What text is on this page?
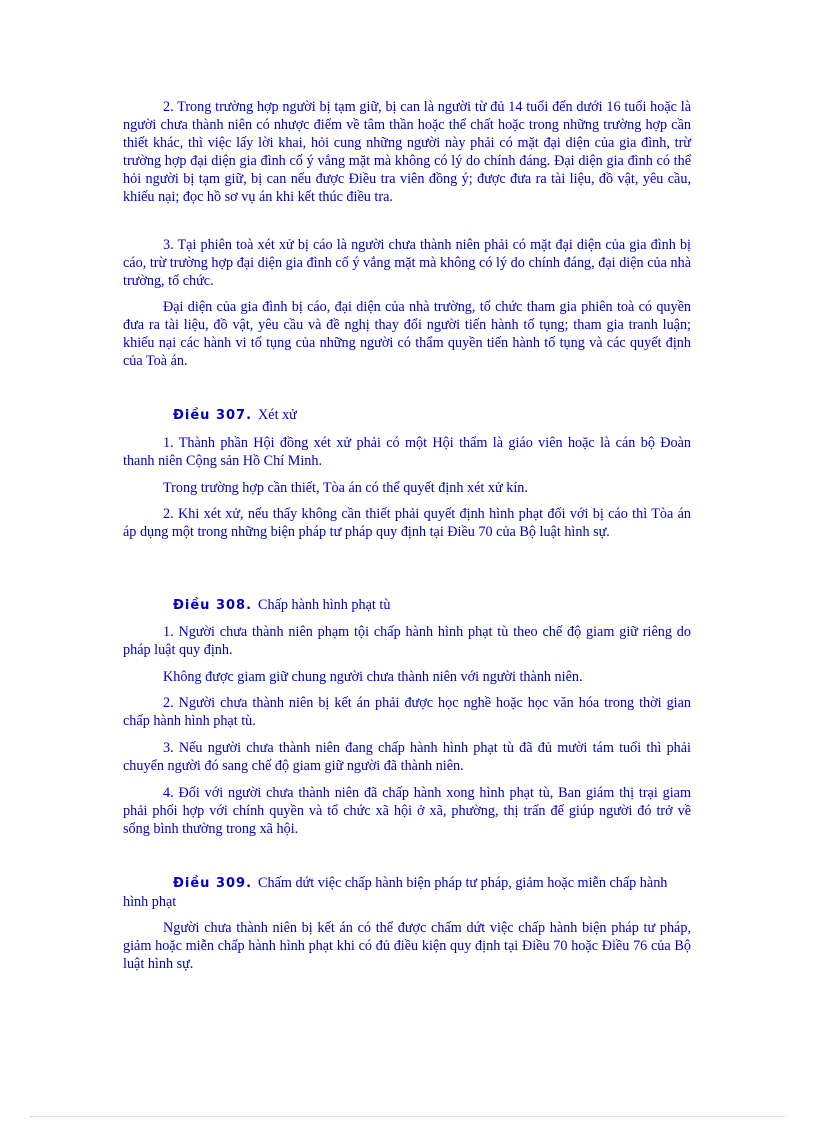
2. Trong trường hợp người bị tạm giữ, bị can là người từ đủ 14 tuổi đến dưới 16 tuổi hoặc là người chưa thành niên có nhược điểm về tâm thần hoặc thể chất hoặc trong những trường hợp cần thiết khác, thì việc lấy lời khai, hỏi cung những người này phải có mặt đại diện của gia đình, trừ trường hợp đại diện gia đình cố ý vắng mặt mà không có lý do chính đáng. Đại diện gia đình có thể hỏi người bị tạm giữ, bị can nếu được Điều tra viên đồng ý; được đưa ra tài liệu, đồ vật, yêu cầu, khiếu nại; đọc hồ sơ vụ án khi kết thúc điều tra.

3. Tại phiên toà xét xử bị cáo là người chưa thành niên phải có mặt đại diện của gia đình bị cáo, trừ trường hợp đại diện gia đình cố ý vắng mặt mà không có lý do chính đáng, đại diện của nhà trường, tổ chức.

Đại diện của gia đình bị cáo, đại diện của nhà trường, tổ chức tham gia phiên toà có quyền đưa ra tài liệu, đồ vật, yêu cầu và đề nghị thay đổi người tiến hành tố tụng; tham gia tranh luận; khiếu nại các hành vi tố tụng của những người có thẩm quyền tiến hành tố tụng và các quyết định của Toà án.

Điều 307. Xét xử

1. Thành phần Hội đồng xét xử phải có một Hội thẩm là giáo viên hoặc là cán bộ Đoàn thanh niên Cộng sản Hồ Chí Minh.

Trong trường hợp cần thiết, Tòa án có thể quyết định xét xử kín.

2. Khi xét xử, nếu thấy không cần thiết phải quyết định hình phạt đối với bị cáo thì Tòa án áp dụng một trong những biện pháp tư pháp quy định tại Điều 70 của Bộ luật hình sự.

Điều 308. Chấp hành hình phạt tù

1. Người chưa thành niên phạm tội chấp hành hình phạt tù theo chế độ giam giữ riêng do pháp luật quy định.

Không được giam giữ chung người chưa thành niên với người thành niên.

2. Người chưa thành niên bị kết án phải được học nghề hoặc học văn hóa trong thời gian chấp hành hình phạt tù.

3. Nếu người chưa thành niên đang chấp hành hình phạt tù đã đủ mười tám tuổi thì phải chuyển người đó sang chế độ giam giữ người đã thành niên.

4. Đối với người chưa thành niên đã chấp hành xong hình phạt tù, Ban giám thị trại giam phải phối hợp với chính quyền và tổ chức xã hội ở xã, phường, thị trấn để giúp người đó trở về sống bình thường trong xã hội.

Điều 309. Chấm dứt việc chấp hành biện pháp tư pháp, giảm hoặc miễn chấp hành hình phạt

Người chưa thành niên bị kết án có thể được chấm dứt việc chấp hành biện pháp tư pháp, giảm hoặc miễn chấp hành hình phạt khi có đủ điều kiện quy định tại Điều 70 hoặc Điều 76 của Bộ luật hình sự.
